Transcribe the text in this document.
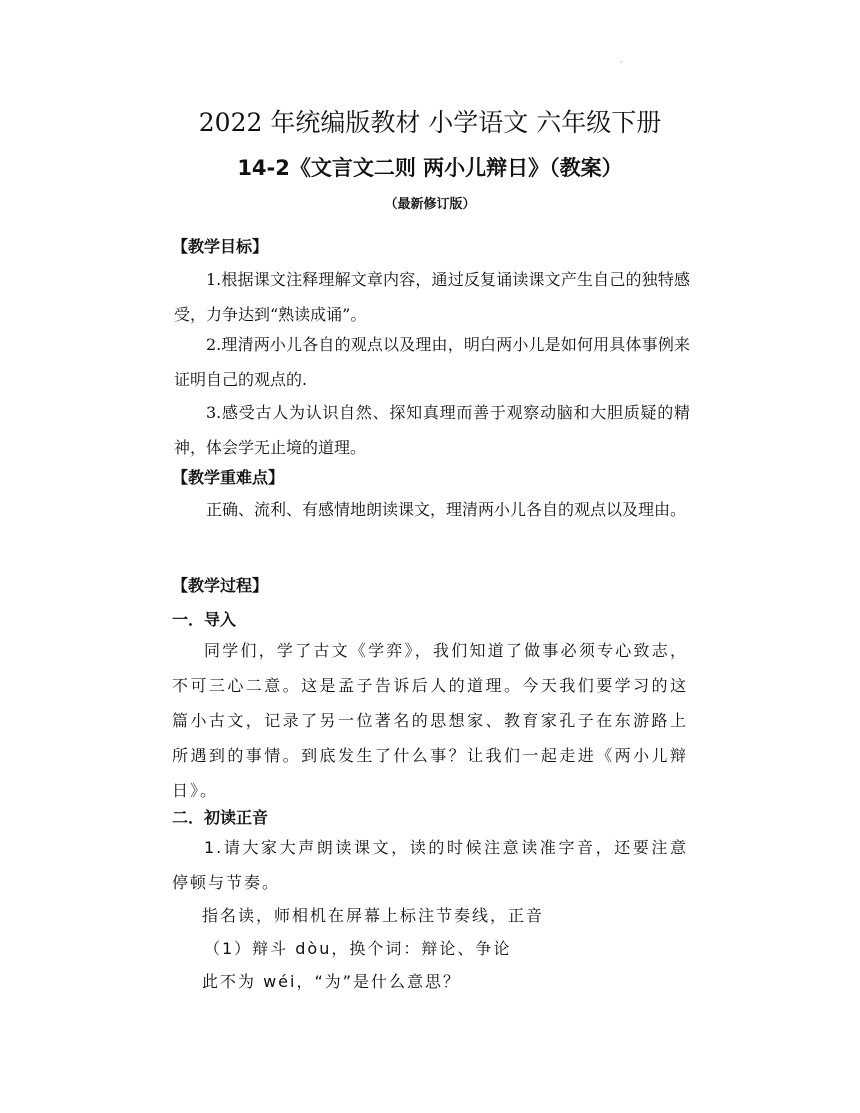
·
2022 年统编版教材 小学语文 六年级下册
14-2《文言文二则 两小儿辩日》（教案）
（最新修订版）
【教学目标】
1.根据课文注释理解文章内容，通过反复诵读课文产生自己的独特感受，力争达到“熟读成诵”。
2.理清两小儿各自的观点以及理由，明白两小儿是如何用具体事例来证明自己的观点的.
3.感受古人为认识自然、探知真理而善于观察动脑和大胆质疑的精神，体会学无止境的道理。
【教学重难点】
正确、流利、有感情地朗读课文，理清两小儿各自的观点以及理由。
【教学过程】
一．导入
同学们，学了古文《学弈》，我们知道了做事必须专心致志，不可三心二意。这是孟子告诉后人的道理。今天我们要学习的这篇小古文，记录了另一位著名的思想家、教育家孔子在东游路上所遇到的事情。到底发生了什么事？让我们一起走进《两小儿辩日》。
二．初读正音
1.请大家大声朗读课文，读的时候注意读准字音，还要注意停顿与节奏。
指名读，师相机在屏幕上标注节奏线，正音
（1）辩斗 dòu，换个词：辩论、争论
此不为 wéi，“为”是什么意思？
